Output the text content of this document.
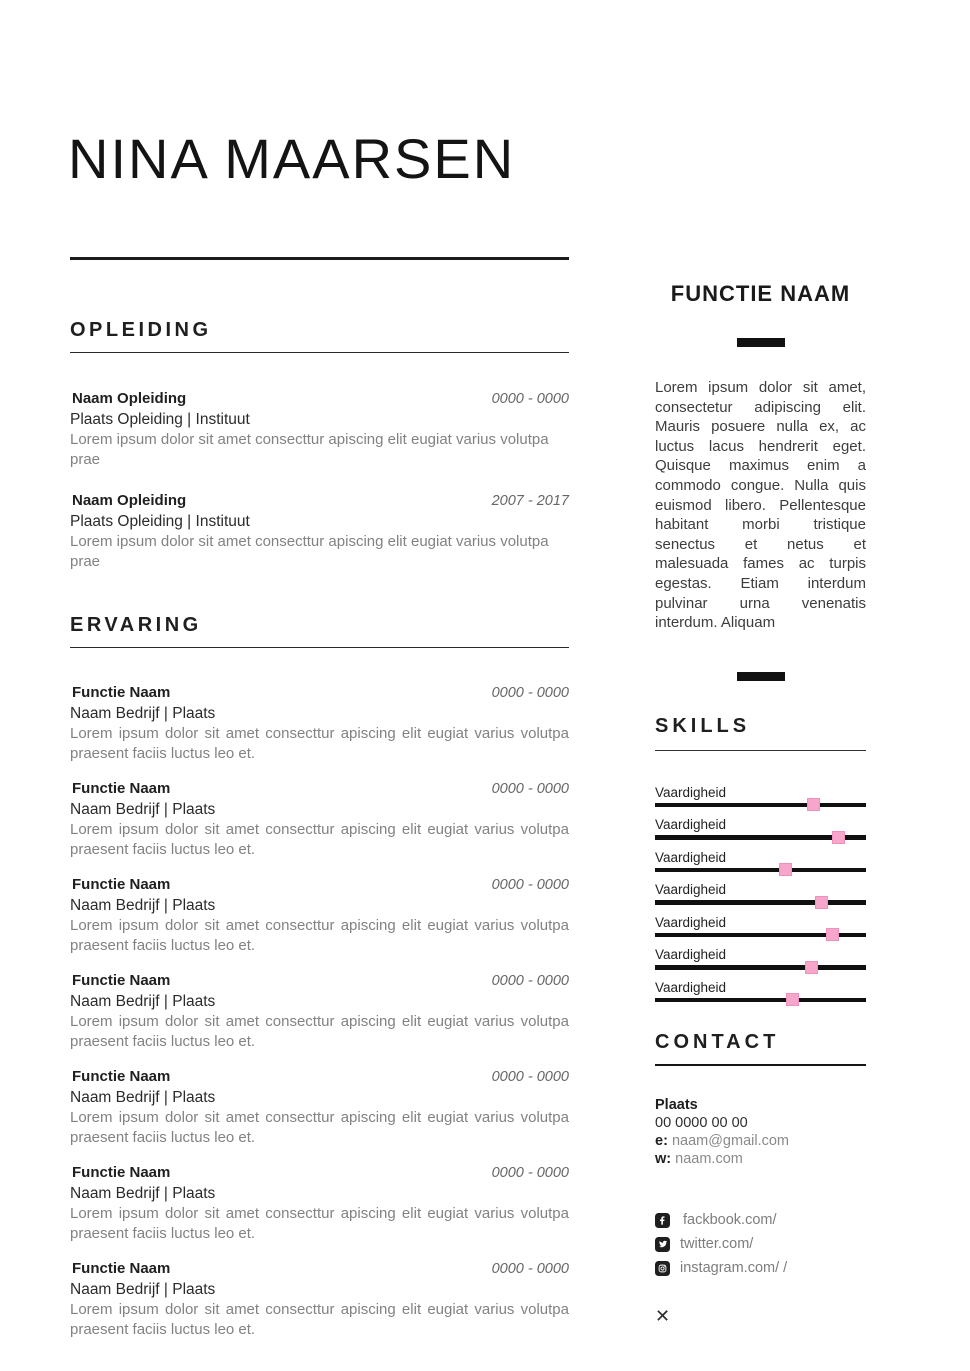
NINA MAARSEN
OPLEIDING
Naam Opleiding	0000 - 0000
Plaats Opleiding | Instituut
Lorem ipsum dolor sit amet consecttur apiscing elit eugiat varius volutpa prae
Naam Opleiding	2007 - 2017
Plaats Opleiding | Instituut
Lorem ipsum dolor sit amet consecttur apiscing elit eugiat varius volutpa prae
ERVARING
Functie Naam	0000 - 0000
Naam Bedrijf | Plaats
Lorem ipsum dolor sit amet consecttur apiscing elit eugiat varius volutpa praesent faciis luctus leo et.
Functie Naam	0000 - 0000
Naam Bedrijf | Plaats
Lorem ipsum dolor sit amet consecttur apiscing elit eugiat varius volutpa praesent faciis luctus leo et.
Functie Naam	0000 - 0000
Naam Bedrijf | Plaats
Lorem ipsum dolor sit amet consecttur apiscing elit eugiat varius volutpa praesent faciis luctus leo et.
Functie Naam	0000 - 0000
Naam Bedrijf | Plaats
Lorem ipsum dolor sit amet consecttur apiscing elit eugiat varius volutpa praesent faciis luctus leo et.
Functie Naam	0000 - 0000
Naam Bedrijf | Plaats
Lorem ipsum dolor sit amet consecttur apiscing elit eugiat varius volutpa praesent faciis luctus leo et.
Functie Naam	0000 - 0000
Naam Bedrijf | Plaats
Lorem ipsum dolor sit amet consecttur apiscing elit eugiat varius volutpa praesent faciis luctus leo et.
Functie Naam	0000 - 0000
Naam Bedrijf | Plaats
Lorem ipsum dolor sit amet consecttur apiscing elit eugiat varius volutpa praesent faciis luctus leo et.
FUNCTIE NAAM

Lorem ipsum dolor sit amet, consectetur adipiscing elit. Mauris posuere nulla ex, ac luctus lacus hendrerit eget. Quisque maximus enim a commodo congue. Nulla quis euismod libero. Pellentesque habitant morbi tristique senectus et netus et malesuada fames ac turpis egestas. Etiam interdum pulvinar urna venenatis interdum. Aliquam

SKILLS
Vaardigheid
Vaardigheid
Vaardigheid
Vaardigheid
Vaardigheid
Vaardigheid
Vaardigheid
CONTACT
Plaats
00 0000 00 00
e: naam@gmail.com
w: naam.com
fackbook.com/
twitter.com/
instagram.com/ /
✕
